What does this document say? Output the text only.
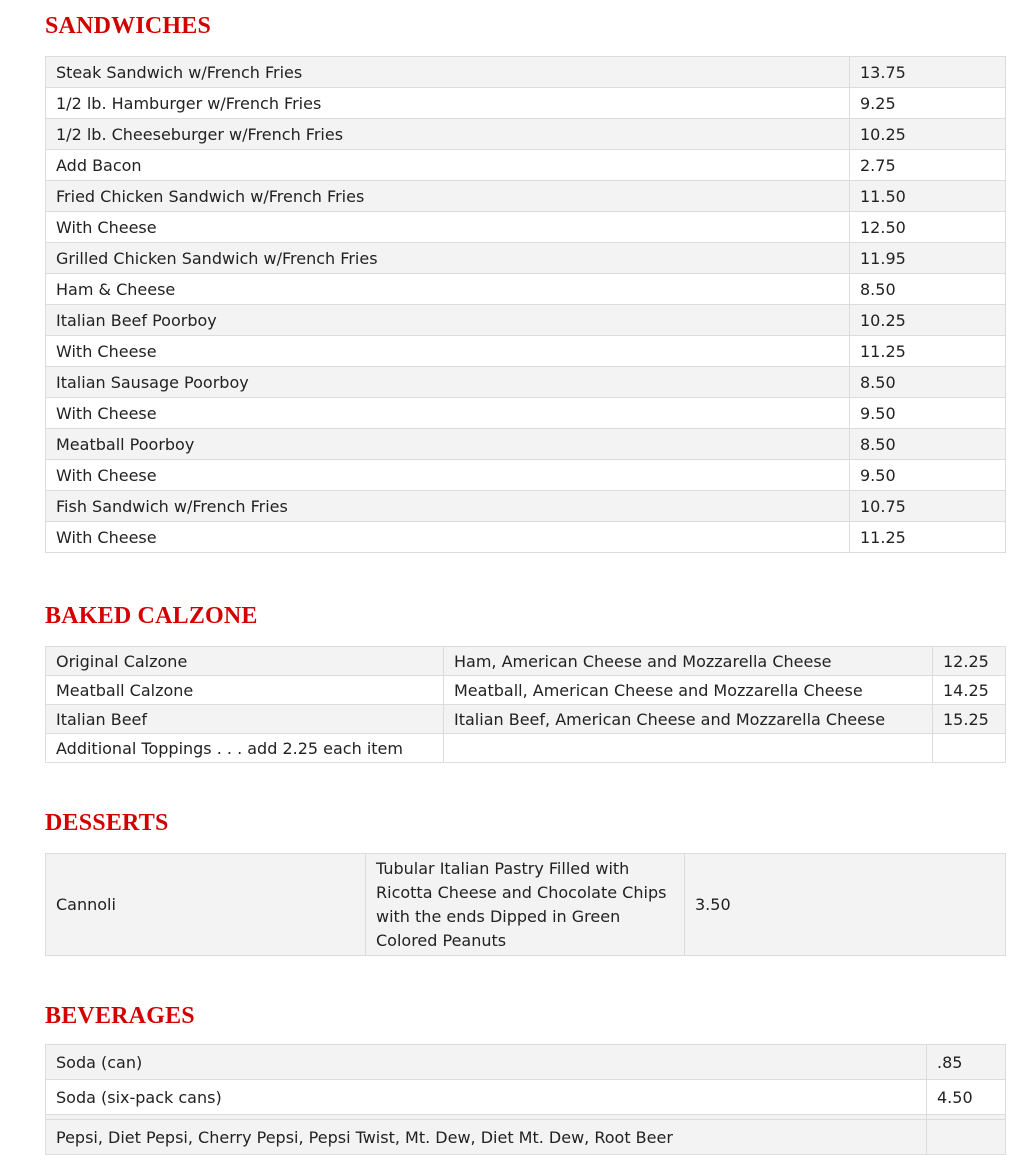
SANDWICHES
Steak Sandwich w/French Fries	13.75
1/2 lb. Hamburger w/French Fries	9.25
1/2 lb. Cheeseburger w/French Fries	10.25
Add Bacon	2.75
Fried Chicken Sandwich w/French Fries	11.50
With Cheese	12.50
Grilled Chicken Sandwich w/French Fries	11.95
Ham & Cheese	8.50
Italian Beef Poorboy	10.25
With Cheese	11.25
Italian Sausage Poorboy	8.50
With Cheese	9.50
Meatball Poorboy	8.50
With Cheese	9.50
Fish Sandwich w/French Fries	10.75
With Cheese	11.25
BAKED CALZONE
Original Calzone	Ham, American Cheese and Mozzarella Cheese	12.25
Meatball Calzone	Meatball, American Cheese and Mozzarella Cheese	14.25
Italian Beef	Italian Beef, American Cheese and Mozzarella Cheese	15.25
Additional Toppings . . . add 2.25 each item		
DESSERTS
Cannoli	Tubular Italian Pastry Filled with Ricotta Cheese and Chocolate Chips with the ends Dipped in Green Colored Peanuts	3.50
BEVERAGES
Soda (can)	.85
Soda (six-pack cans)	4.50

Pepsi, Diet Pepsi, Cherry Pepsi, Pepsi Twist, Mt. Dew, Diet Mt. Dew, Root Beer	
